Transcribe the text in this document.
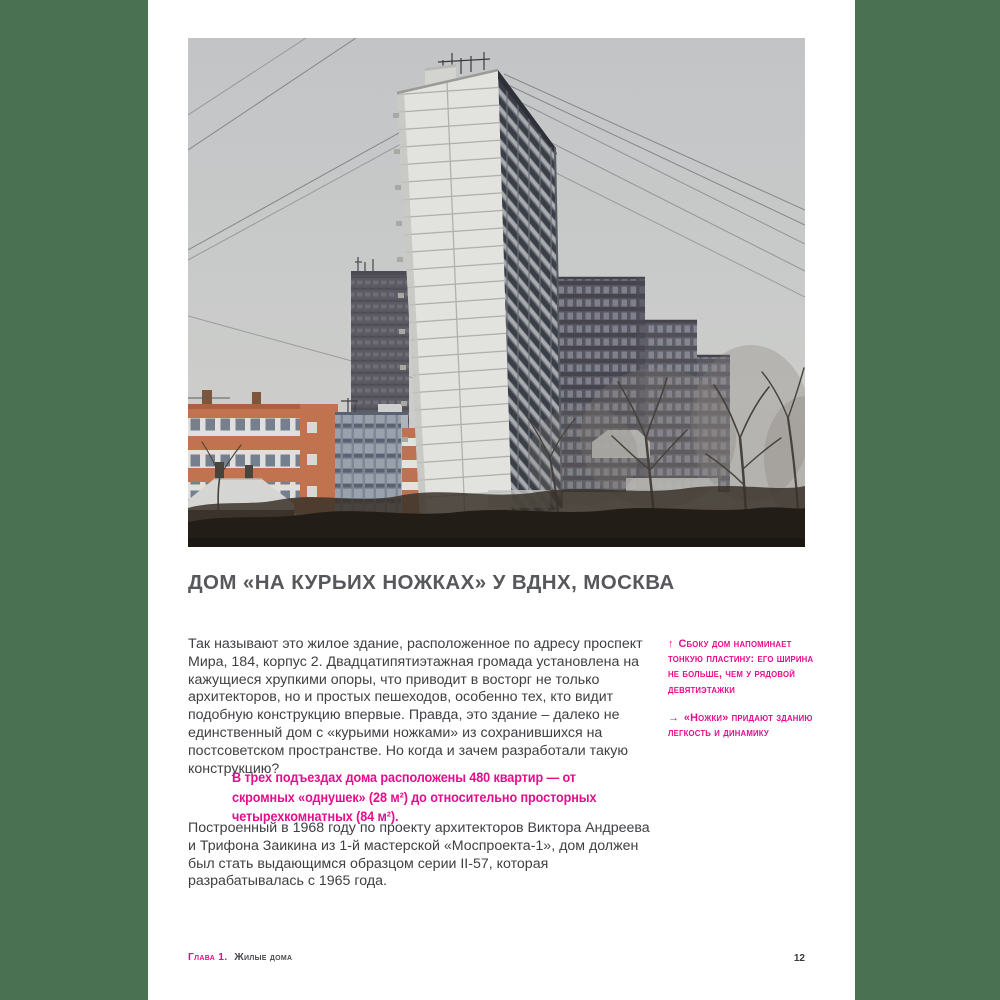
ДОМ «НА КУРЬИХ НОЖКАХ» У ВДНХ, МОСКВА

Так называют это жилое здание, расположенное по адресу проспект Мира, 184, корпус 2. Двадцатипятиэтажная громада установлена на кажущиеся хрупкими опоры, что приводит в восторг не только архитекторов, но и простых пешеходов, особенно тех, кто видит подобную конструкцию впервые. Правда, это здание – далеко не единственный дом с «курьими ножками» из сохранившихся на постсоветском пространстве. Но когда и зачем разработали такую конструкцию?

В трех подъездах дома расположены 480 квартир — от скромных «однушек» (28 м²) до относительно просторных четырехкомнатных (84 м²).

Построенный в 1968 году по проекту архитекторов Виктора Андреева и Трифона Заикина из 1-й мастерской «Моспроекта-1», дом должен был стать выдающимся образцом серии II-57, которая разрабатывалась с 1965 года.

↑ Сбоку дом напоминает тонкую пластину: его ширина не больше, чем у рядовой девятиэтажки
→ «Ножки» придают зданию легкость и динамику
Глава 1. Жилые дома	12
